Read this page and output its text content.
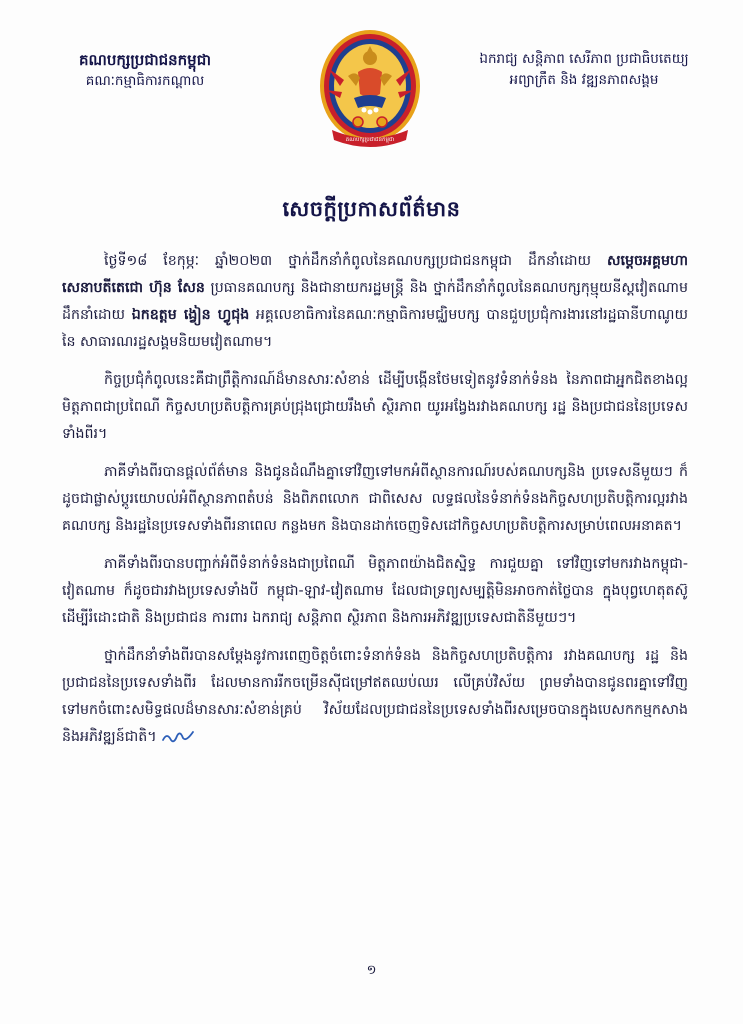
គណបក្សប្រជាជនកម្ពុជា
គណៈកម្មាធិការកណ្តាល
គណបក្សប្រជាជនកម្ពុជា
ឯករាជ្យ សន្តិភាព សេរីភាព ប្រជាធិបតេយ្យ
អព្យាក្រឹត និង វឌ្ឍនភាពសង្គម
សេចក្តីប្រកាសព័ត៌មាន

ថ្ងៃទី១៨ ខែកុម្ភៈ ឆ្នាំ២០២៣ ថ្នាក់ដឹកនាំកំពូលនៃគណបក្សប្រជាជនកម្ពុជា ដឹកនាំដោយ សម្តេចអគ្គមហាសេនាបតីតេជោ ហ៊ុន សែន ប្រធានគណបក្ស និងជានាយករដ្ឋមន្ត្រី និង ថ្នាក់ដឹកនាំកំពូលនៃគណបក្សកុម្មុយនីស្តវៀតណាម ដឹកនាំដោយ ឯកឧត្តម ង្វៀន ហ្វូជុង អគ្គលេខាធិការនៃគណៈកម្មាធិការមជ្ឈិមបក្ស បានជួបប្រជុំការងារនៅរដ្ឋធានីហាណូយនៃ សាធារណរដ្ឋសង្គមនិយមវៀតណាម។

កិច្ចប្រជុំកំពូលនេះគឺជាព្រឹត្តិការណ៍ដ៏មានសារៈសំខាន់ ដើម្បីបង្កើនថែមទៀតនូវទំនាក់ទំនង នៃភាពជាអ្នកជិតខាងល្អ មិត្តភាពជាប្រពៃណី កិច្ចសហប្រតិបត្តិការគ្រប់ជ្រុងជ្រោយរឹងមាំ ស្ថិរភាព យូរអង្វែងរវាងគណបក្ស រដ្ឋ និងប្រជាជននៃប្រទេសទាំងពីរ។

ភាគីទាំងពីរបានផ្តល់ព័ត៌មាន និងជូនដំណឹងគ្នាទៅវិញទៅមកអំពីស្ថានការណ៍របស់គណបក្សនិង ប្រទេសនីមួយៗ ក៏ដូចជាផ្លាស់ប្តូរយោបល់អំពីស្ថានភាពតំបន់ និងពិភពលោក ជាពិសេស លទ្ធផលនៃទំនាក់ទំនងកិច្ចសហប្រតិបត្តិការល្អរវាងគណបក្ស និងរដ្ឋនៃប្រទេសទាំងពីរនាពេល កន្លងមក និងបានដាក់ចេញទិសដៅកិច្ចសហប្រតិបត្តិការសម្រាប់ពេលអនាគត។

ភាគីទាំងពីរបានបញ្ជាក់អំពីទំនាក់ទំនងជាប្រពៃណី មិត្តភាពយ៉ាងជិតស្និទ្ធ ការជួយគ្នា ទៅវិញទៅមករវាងកម្ពុជា-វៀតណាម ក៏ដូចជារវាងប្រទេសទាំងបី កម្ពុជា-ឡាវ-វៀតណាម ដែលជាទ្រព្យសម្បត្តិមិនអាចកាត់ថ្លៃបាន ក្នុងបុព្វហេតុតស៊ូដើម្បីរំដោះជាតិ និងប្រជាជន ការពារ ឯករាជ្យ សន្តិភាព ស្ថិរភាព និងការអភិវឌ្ឍប្រទេសជាតិនីមួយៗ។

ថ្នាក់ដឹកនាំទាំងពីរបានសម្តែងនូវការពេញចិត្តចំពោះទំនាក់ទំនង និងកិច្ចសហប្រតិបត្តិការ រវាងគណបក្ស រដ្ឋ និងប្រជាជននៃប្រទេសទាំងពីរ ដែលមានការរីកចម្រើនស៊ីជម្រៅឥតឈប់ឈរ លើគ្រប់វិស័យ ព្រមទាំងបានជូនពរគ្នាទៅវិញទៅមកចំពោះសមិទ្ធផលដ៏មានសារៈសំខាន់គ្រប់ វិស័យដែលប្រជាជននៃប្រទេសទាំងពីរសម្រេចបានក្នុងបេសកកម្មកសាង និងអភិវឌ្ឍន៍ជាតិ។

១
